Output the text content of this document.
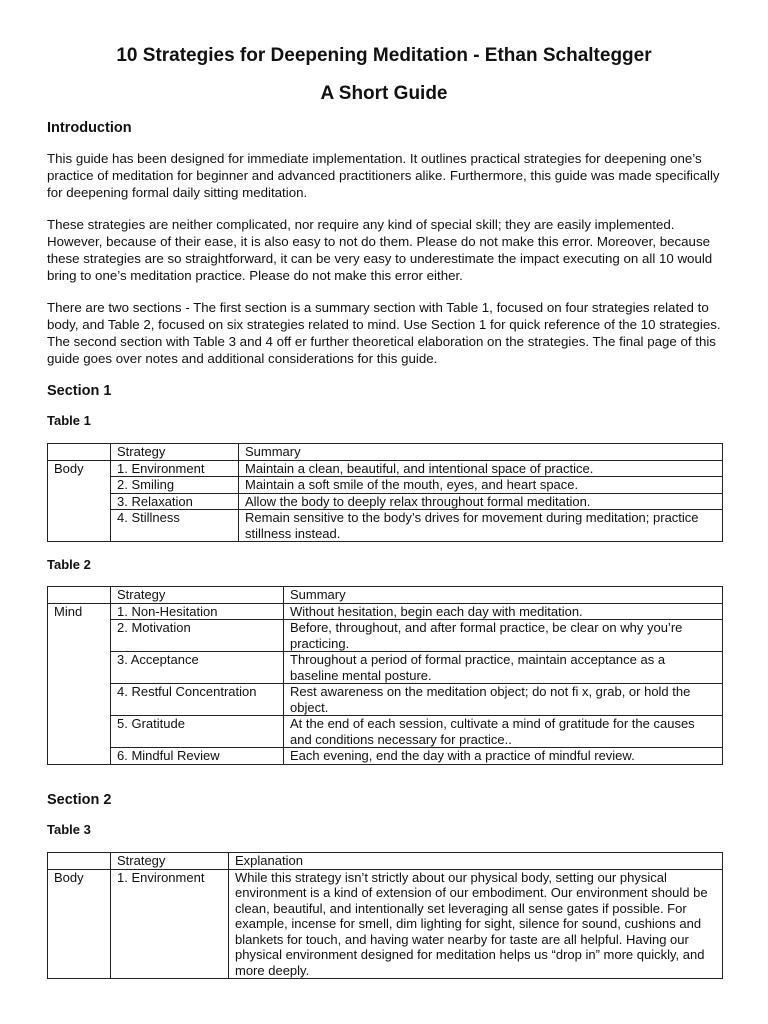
10 Strategies for Deepening Meditation - Ethan Schaltegger
A Short Guide
Introduction

This guide has been designed for immediate implementation. It outlines practical strategies for deepening one’s practice of meditation for beginner and advanced practitioners alike. Furthermore, this guide was made specifically for deepening formal daily sitting meditation.

These strategies are neither complicated, nor require any kind of special skill; they are easily implemented. However, because of their ease, it is also easy to not do them. Please do not make this error. Moreover, because these strategies are so straightforward, it can be very easy to underestimate the impact executing on all 10 would bring to one’s meditation practice. Please do not make this error either.

There are two sections - The first section is a summary section with Table 1, focused on four strategies related to body, and Table 2, focused on six strategies related to mind. Use Section 1 for quick reference of the 10 strategies. The second section with Table 3 and 4 off er further theoretical elaboration on the strategies. The final page of this guide goes over notes and additional considerations for this guide.

Section 1
Table 1
	Strategy	Summary
Body	1. Environment	Maintain a clean, beautiful, and intentional space of practice.
	2. Smiling	Maintain a soft smile of the mouth, eyes, and heart space.
	3. Relaxation	Allow the body to deeply relax throughout formal meditation.
	4. Stillness	Remain sensitive to the body’s drives for movement during meditation; practice stillness instead.
Table 2
	Strategy	Summary
Mind	1. Non-Hesitation	Without hesitation, begin each day with meditation.
	2. Motivation	Before, throughout, and after formal practice, be clear on why you’re practicing.
	3. Acceptance	Throughout a period of formal practice, maintain acceptance as a baseline mental posture.
	4. Restful Concentration	Rest awareness on the meditation object; do not fi x, grab, or hold the object.
	5. Gratitude	At the end of each session, cultivate a mind of gratitude for the causes and conditions necessary for practice..
	6. Mindful Review	Each evening, end the day with a practice of mindful review.
Section 2
Table 3
	Strategy	Explanation
Body	1. Environment	While this strategy isn’t strictly about our physical body, setting our physical environment is a kind of extension of our embodiment. Our environment should be clean, beautiful, and intentionally set leveraging all sense gates if possible. For example, incense for smell, dim lighting for sight, silence for sound, cushions and blankets for touch, and having water nearby for taste are all helpful. Having our physical environment designed for meditation helps us “drop in” more quickly, and more deeply.
